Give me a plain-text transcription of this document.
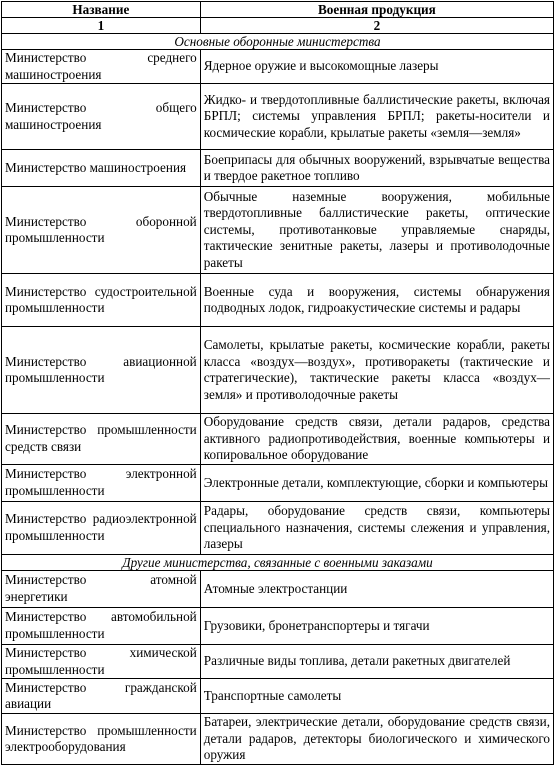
Название	Военная продукция
1	2
Основные оборонные министерства	
Министерство среднего машиностроения	Ядерное оружие и высокомощные лазеры
Министерство общего машиностроения	Жидко- и твердотопливные баллистические ракеты, включая БРПЛ; системы управления БРПЛ; ракеты-носители и космические корабли, крылатые ракеты «земля—земля»
Министерство машиностроения	Боеприпасы для обычных вооружений, взрывчатые вещества и твердое ракетное топливо
Министерство оборонной промышленности	Обычные наземные вооружения, мобильные твердотопливные баллистические ракеты, оптические системы, противотанковые управляемые снаряды, тактические зенитные ракеты, лазеры и противолодочные ракеты
Министерство судостроительной промышленности	Военные суда и вооружения, системы обнаружения подводных лодок, гидроакустические системы и радары
Министерство авиационной промышленности	Самолеты, крылатые ракеты, космические корабли, ракеты класса «воздух—воздух», противоракеты (тактические и стратегические), тактические ракеты класса «воздух—земля» и противолодочные ракеты
Министерство промышленности средств связи	Оборудование средств связи, детали радаров, средства активного радиопротиводействия, военные компьютеры и копировальное оборудование
Министерство электронной промышленности	Электронные детали, комплектующие, сборки и компьютеры
Министерство радиоэлектронной промышленности	Радары, оборудование средств связи, компьютеры специального назначения, системы слежения и управления, лазеры
Другие министерства, связанные с военными заказами	
Министерство атомной энергетики	Атомные электростанции
Министерство автомобильной промышленности	Грузовики, бронетранспортеры и тягачи
Министерство химической промышленности	Различные виды топлива, детали ракетных двигателей
Министерство гражданской авиации	Транспортные самолеты
Министерство промышленности электрооборудования	Батареи, электрические детали, оборудование средств связи, детали радаров, детекторы биологического и химического оружия
